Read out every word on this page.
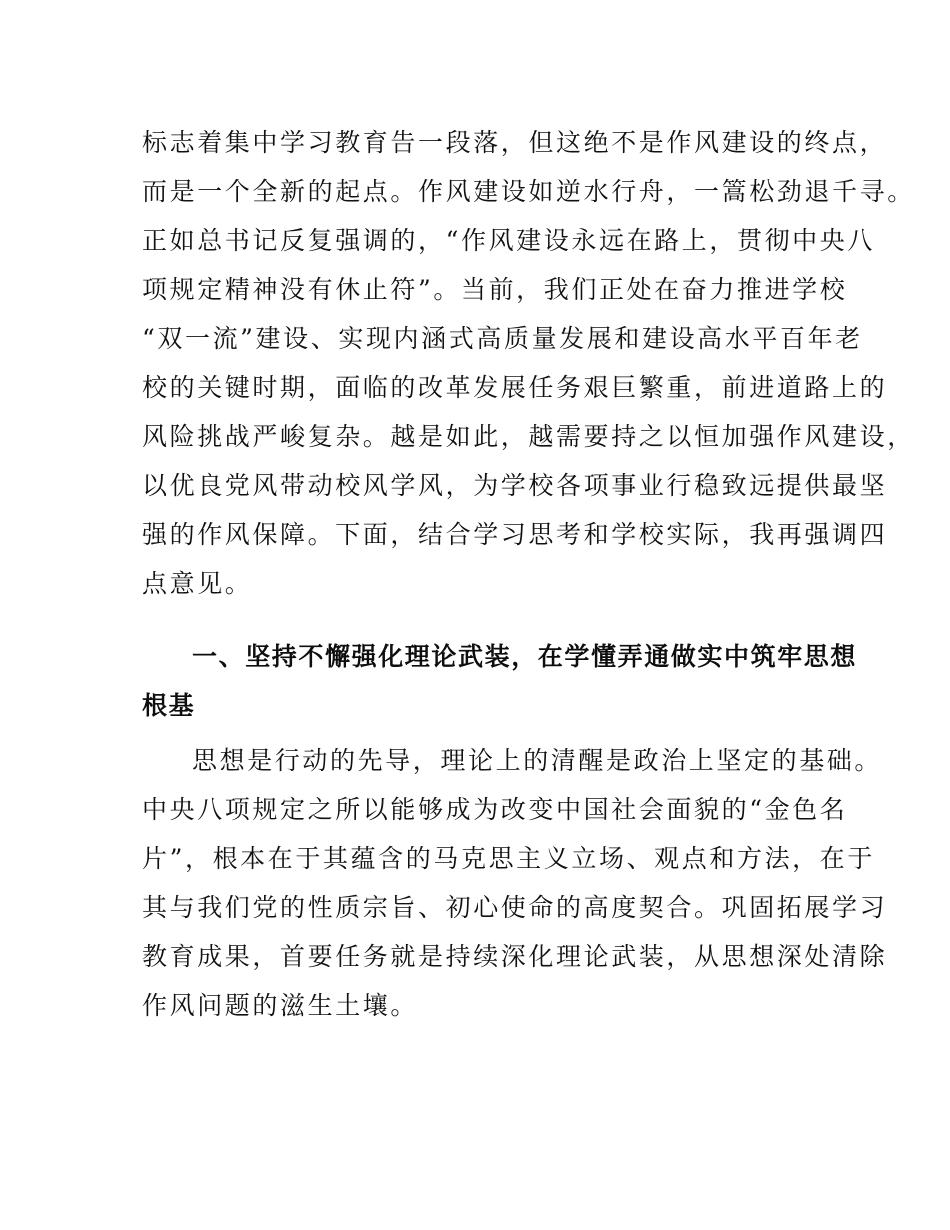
标志着集中学习教育告一段落，但这绝不是作风建设的终点，
而是一个全新的起点。作风建设如逆水行舟，一篙松劲退千寻。
正如总书记反复强调的，“作风建设永远在路上，贯彻中央八
项规定精神没有休止符”。当前，我们正处在奋力推进学校
“双一流”建设、实现内涵式高质量发展和建设高水平百年老
校的关键时期，面临的改革发展任务艰巨繁重，前进道路上的
风险挑战严峻复杂。越是如此，越需要持之以恒加强作风建设，
以优良党风带动校风学风，为学校各项事业行稳致远提供最坚
强的作风保障。下面，结合学习思考和学校实际，我再强调四
点意见。
一、坚持不懈强化理论武装，在学懂弄通做实中筑牢思想
根基
思想是行动的先导，理论上的清醒是政治上坚定的基础。
中央八项规定之所以能够成为改变中国社会面貌的“金色名
片”，根本在于其蕴含的马克思主义立场、观点和方法，在于
其与我们党的性质宗旨、初心使命的高度契合。巩固拓展学习
教育成果，首要任务就是持续深化理论武装，从思想深处清除
作风问题的滋生土壤。
